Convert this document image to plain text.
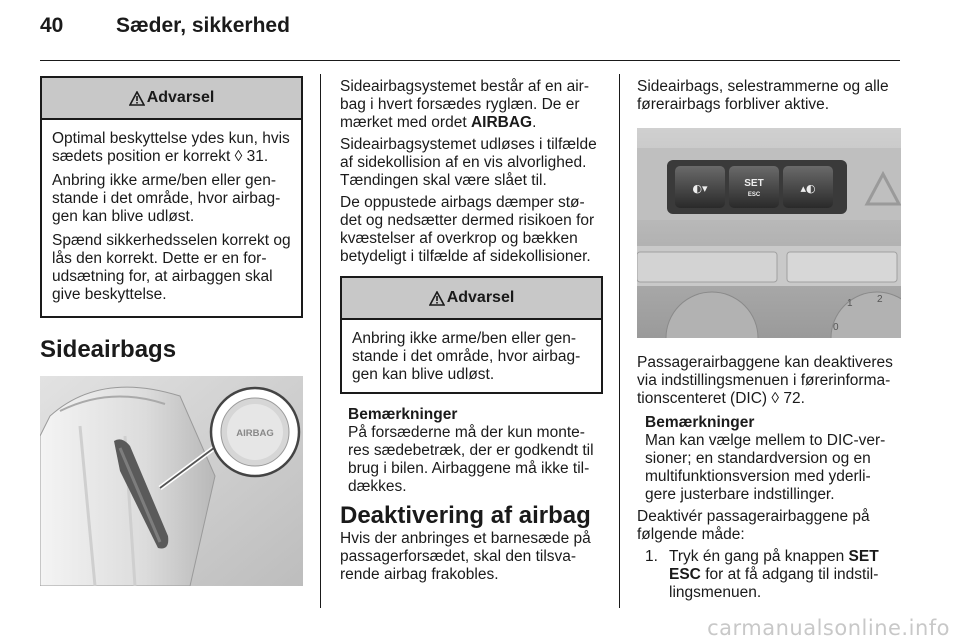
40	Sæder, sikkerhed
Advarsel

Optimal beskyttelse ydes kun, hvis sædets position er korrekt ◊ 31.

Anbring ikke arme/ben eller gen-stande i det område, hvor airbag-gen kan blive udløst.

Spænd sikkerhedsselen korrekt og lås den korrekt. Dette er en for-udsætning for, at airbaggen skal give beskyttelse.

Sideairbags
AIRBAG

Sideairbagsystemet består af en air-bag i hvert forsædes ryglæn. De er mærket med ordet AIRBAG.

Sideairbagsystemet udløses i tilfælde af sidekollision af en vis alvorlighed. Tændingen skal være slået til.

De oppustede airbags dæmper stø-det og nedsætter dermed risikoen for kvæstelser af overkrop og bækken betydeligt i tilfælde af sidekollisioner.

Advarsel

Anbring ikke arme/ben eller gen-stande i det område, hvor airbag-gen kan blive udløst.

Bemærkninger

På forsæderne må der kun monte-res sædebetræk, der er godkendt til brug i bilen. Airbaggene må ikke til-dækkes.

Deaktivering af airbag

Hvis der anbringes et barnesæde på passagerforsædet, skal den tilsva-rende airbag frakobles.

Sideairbags, selestrammerne og alle førerairbags forbliver aktive.

◐▾	SET
ESC	▴◐
1 2
0

Passagerairbaggene kan deaktiveres via indstillingsmenuen i førerinforma-tionscenteret (DIC) ◊ 72.

Bemærkninger

Man kan vælge mellem to DIC-ver-sioner; en standardversion og en multifunktionsversion med yderli-gere justerbare indstillinger.

Deaktivér passagerairbaggene på følgende måde:

1. Tryk én gang på knappen SET ESC for at få adgang til indstil-lingsmenuen.
carmanualsonline.info
